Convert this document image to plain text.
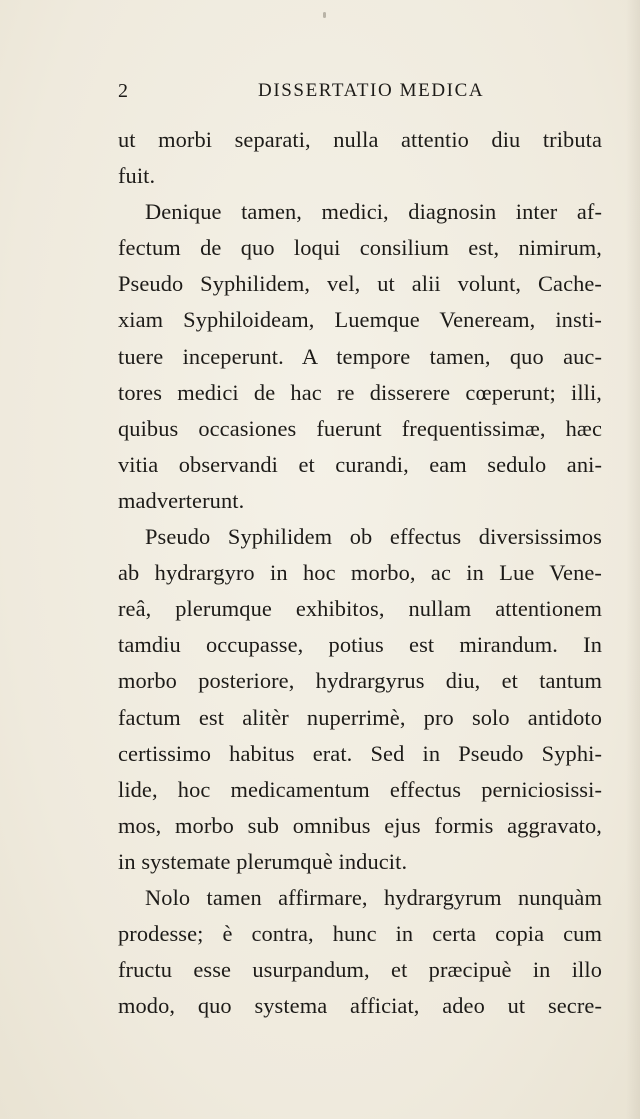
2	DISSERTATIO MEDICA
ut morbi separati, nulla attentio diu tributa
fuit.
Denique tamen, medici, diagnosin inter af-
fectum de quo loqui consilium est, nimirum,
Pseudo Syphilidem, vel, ut alii volunt, Cache-
xiam Syphiloideam, Luemque Veneream, insti-
tuere inceperunt. A tempore tamen, quo auc-
tores medici de hac re disserere cœperunt; illi,
quibus occasiones fuerunt frequentissimæ, hæc
vitia observandi et curandi, eam sedulo ani-
madverterunt.
Pseudo Syphilidem ob effectus diversissimos
ab hydrargyro in hoc morbo, ac in Lue Vene-
reâ, plerumque exhibitos, nullam attentionem
tamdiu occupasse, potius est mirandum. In
morbo posteriore, hydrargyrus diu, et tantum
factum est alitèr nuperrimè, pro solo antidoto
certissimo habitus erat. Sed in Pseudo Syphi-
lide, hoc medicamentum effectus perniciosissi-
mos, morbo sub omnibus ejus formis aggravato,
in systemate plerumquè inducit.
Nolo tamen affirmare, hydrargyrum nunquàm
prodesse; è contra, hunc in certa copia cum
fructu esse usurpandum, et præcipuè in illo
modo, quo systema afficiat, adeo ut secre-
